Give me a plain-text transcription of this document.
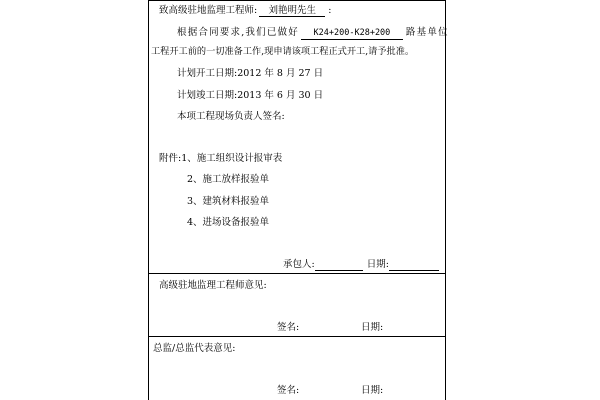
致高级驻地监理工程师: 刘艳明先生 :
根据合同要求,我们已做好 K24+200-K28+200 路基单位
工程开工前的一切准备工作,现申请该项工程正式开工,请予批准。
计划开工日期:2012 年 8 月 27 日
计划竣工日期:2013 年 6 月 30 日
本项工程现场负责人签名:
附件:1、施工组织设计报审表
2、施工放样报验单
3、建筑材料报验单
4、进场设备报验单
承包人:	日期:
高级驻地监理工程师意见:
签名:	日期:
总监/总监代表意见:
签名:	日期:
